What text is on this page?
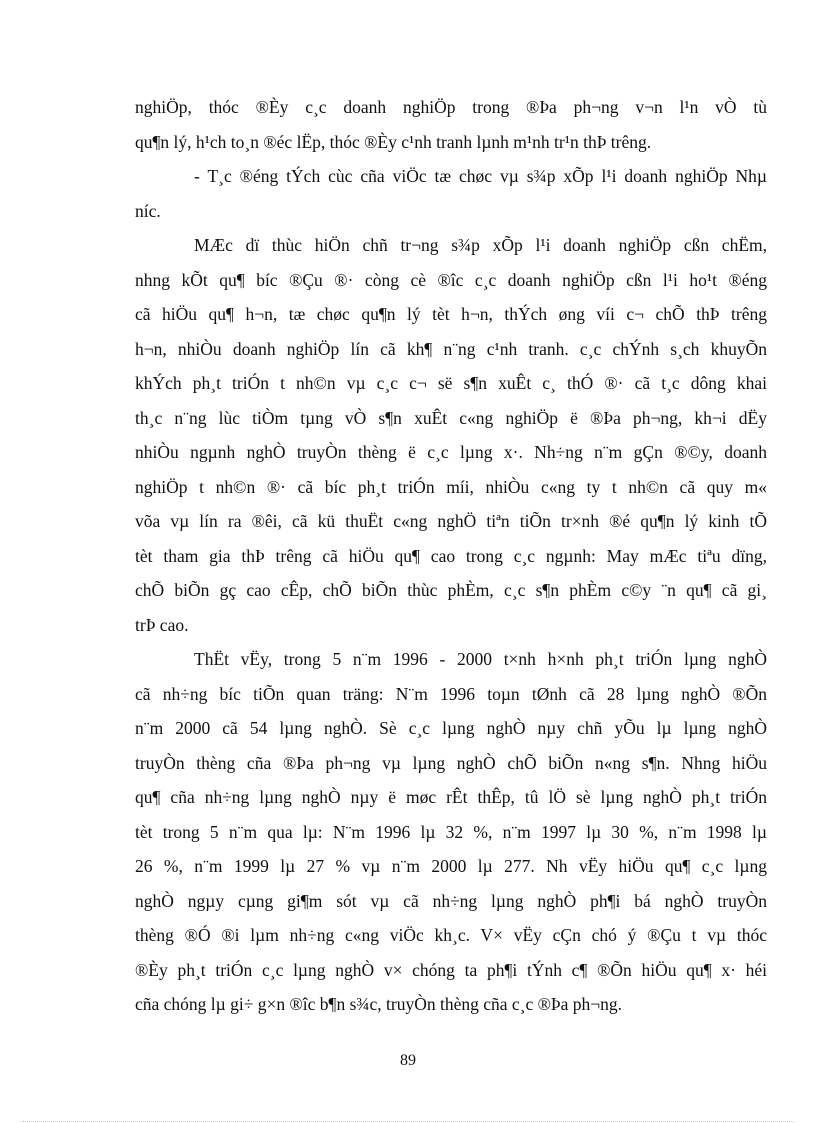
nghiÖp, thóc ®Èy c¸c doanh nghiÖp trong ®Þa ph¬ng v¬n l¹n vÒ tù
qu¶n lý, h¹ch to¸n ®éc lËp, thóc ®Èy c¹nh tranh lµnh m¹nh tr¹n thÞ trêng.
- T¸c ®éng tÝch cùc cña viÖc tæ chøc vµ s¾p xÕp l¹i doanh nghiÖp Nhµ
níc.
MÆc dï thùc hiÖn chñ tr¬ng s¾p xÕp l¹i doanh nghiÖp cßn chËm,
nhng kÕt qu¶ bíc ®Çu ®· còng cè ®îc c¸c doanh nghiÖp cßn l¹i ho¹t ®éng
cã hiÖu qu¶ h¬n, tæ chøc qu¶n lý tèt h¬n, thÝch øng víi c¬ chÕ thÞ trêng
h¬n, nhiÒu doanh nghiÖp lín cã kh¶ n¨ng c¹nh tranh. c¸c chÝnh s¸ch khuyÕn
khÝch ph¸t triÓn t nh©n vµ c¸c c¬ së s¶n xuÊt c¸ thÓ ®· cã t¸c dông khai
th¸c n¨ng lùc tiÒm tµng vÒ s¶n xuÊt c«ng nghiÖp ë ®Þa ph¬ng, kh¬i dËy
nhiÒu ngµnh nghÒ truyÒn thèng ë c¸c lµng x·. Nh÷ng n¨m gÇn ®©y, doanh
nghiÖp t nh©n ®· cã bíc ph¸t triÓn míi, nhiÒu c«ng ty t nh©n cã quy m«
võa vµ lín ra ®êi, cã kü thuËt c«ng nghÖ tiªn tiÕn tr×nh ®é qu¶n lý kinh tÕ
tèt tham gia thÞ trêng cã hiÖu qu¶ cao trong c¸c ngµnh: May mÆc tiªu dïng,
chÕ biÕn gç cao cÊp, chÕ biÕn thùc phÈm, c¸c s¶n phÈm c©y ¨n qu¶ cã gi¸
trÞ cao.
ThËt vËy, trong 5 n¨m 1996 - 2000 t×nh h×nh ph¸t triÓn lµng nghÒ
cã nh÷ng bíc tiÕn quan träng: N¨m 1996 toµn tØnh cã 28 lµng nghÒ ®Õn
n¨m 2000 cã 54 lµng nghÒ. Sè c¸c lµng nghÒ nµy chñ yÕu lµ lµng nghÒ
truyÒn thèng cña ®Þa ph¬ng vµ lµng nghÒ chÕ biÕn n«ng s¶n. Nhng hiÖu
qu¶ cña nh÷ng lµng nghÒ nµy ë møc rÊt thÊp, tû lÖ sè lµng nghÒ ph¸t triÓn
tèt trong 5 n¨m qua lµ: N¨m 1996 lµ 32 %, n¨m 1997 lµ 30 %, n¨m 1998 lµ
26 %, n¨m 1999 lµ 27 % vµ n¨m 2000 lµ 277. Nh vËy hiÖu qu¶ c¸c lµng
nghÒ ngµy cµng gi¶m sót vµ cã nh÷ng lµng nghÒ ph¶i bá nghÒ truyÒn
thèng ®Ó ®i lµm nh÷ng c«ng viÖc kh¸c. V× vËy cÇn chó ý ®Çu t vµ thóc
®Èy ph¸t triÓn c¸c lµng nghÒ v× chóng ta ph¶i tÝnh c¶ ®Õn hiÖu qu¶ x· héi
cña chóng lµ gi÷ g×n ®îc b¶n s¾c, truyÒn thèng cña c¸c ®Þa ph¬ng.
89
